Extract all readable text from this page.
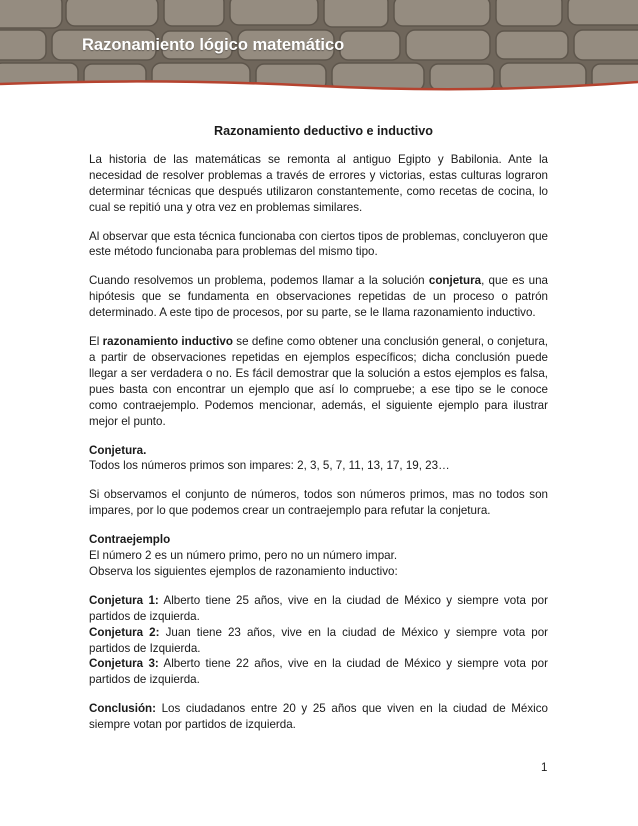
Razonamiento lógico matemático
Razonamiento deductivo e inductivo

La historia de las matemáticas se remonta al antiguo Egipto y Babilonia. Ante la necesidad de resolver problemas a través de errores y victorias, estas culturas lograron determinar técnicas que después utilizaron constantemente, como recetas de cocina, lo cual se repitió una y otra vez en problemas similares.

Al observar que esta técnica funcionaba con ciertos tipos de problemas, concluyeron que este método funcionaba para problemas del mismo tipo.

Cuando resolvemos un problema, podemos llamar a la solución conjetura, que es una hipótesis que se fundamenta en observaciones repetidas de un proceso o patrón determinado. A este tipo de procesos, por su parte, se le llama razonamiento inductivo.

El razonamiento inductivo se define como obtener una conclusión general, o conjetura, a partir de observaciones repetidas en ejemplos específicos; dicha conclusión puede llegar a ser verdadera o no. Es fácil demostrar que la solución a estos ejemplos es falsa, pues basta con encontrar un ejemplo que así lo compruebe; a ese tipo se le conoce como contraejemplo. Podemos mencionar, además, el siguiente ejemplo para ilustrar mejor el punto.

Conjetura.
Todos los números primos son impares: 2, 3, 5, 7, 11, 13, 17, 19, 23…

Si observamos el conjunto de números, todos son números primos, mas no todos son impares, por lo que podemos crear un contraejemplo para refutar la conjetura.

Contraejemplo
El número 2 es un número primo, pero no un número impar.
Observa los siguientes ejemplos de razonamiento inductivo:

Conjetura 1: Alberto tiene 25 años, vive en la ciudad de México y siempre vota por partidos de izquierda.
Conjetura 2: Juan tiene 23 años, vive en la ciudad de México y siempre vota por partidos de Izquierda.
Conjetura 3: Alberto tiene 22 años, vive en la ciudad de México y siempre vota por partidos de izquierda.

Conclusión: Los ciudadanos entre 20 y 25 años que viven en la ciudad de México siempre votan por partidos de izquierda.

1
